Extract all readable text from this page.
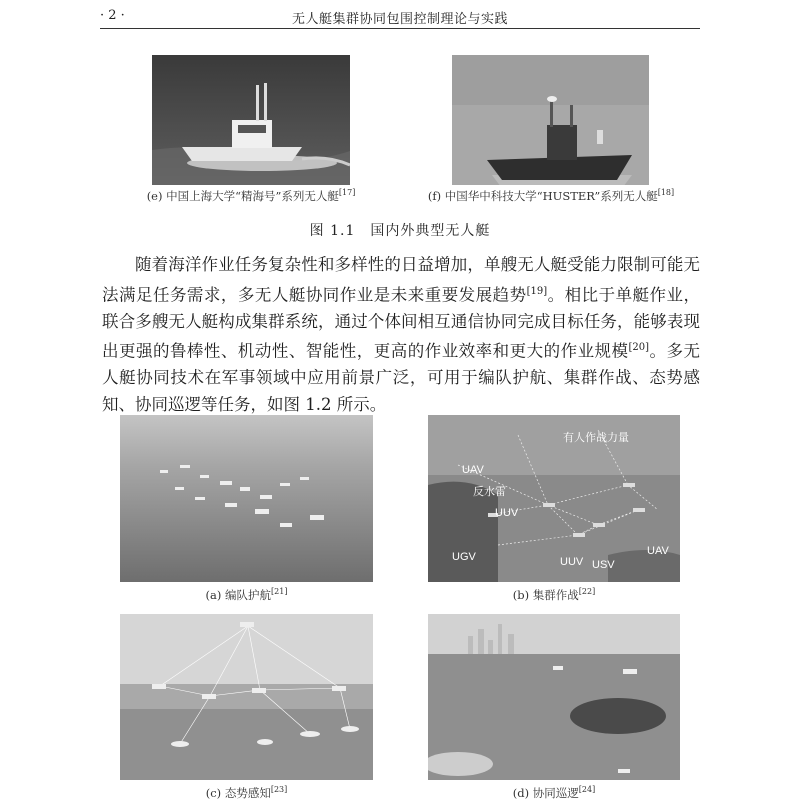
· 2 ·	无人艇集群协同包围控制理论与实践
(e) 中国上海大学“精海号”系列无人艇[17]	(f) 中国华中科技大学“HUSTER”系列无人艇[18]
图 1.1　国内外典型无人艇

随着海洋作业任务复杂性和多样性的日益增加，单艘无人艇受能力限制可能无法满足任务需求，多无人艇协同作业是未来重要发展趋势[19]。相比于单艇作业，联合多艘无人艇构成集群系统，通过个体间相互通信协同完成目标任务，能够表现出更强的鲁棒性、机动性、智能性，更高的作业效率和更大的作业规模[20]。多无人艇协同技术在军事领域中应用前景广泛，可用于编队护航、集群作战、态势感知、协同巡逻等任务，如图 1.2 所示。

(a) 编队护航[21]
有人作战力量
反水雷
UAV
UUV
UGV	UUV USV
UAV
(b) 集群作战[22]
(c) 态势感知[23]	(d) 协同巡逻[24]
